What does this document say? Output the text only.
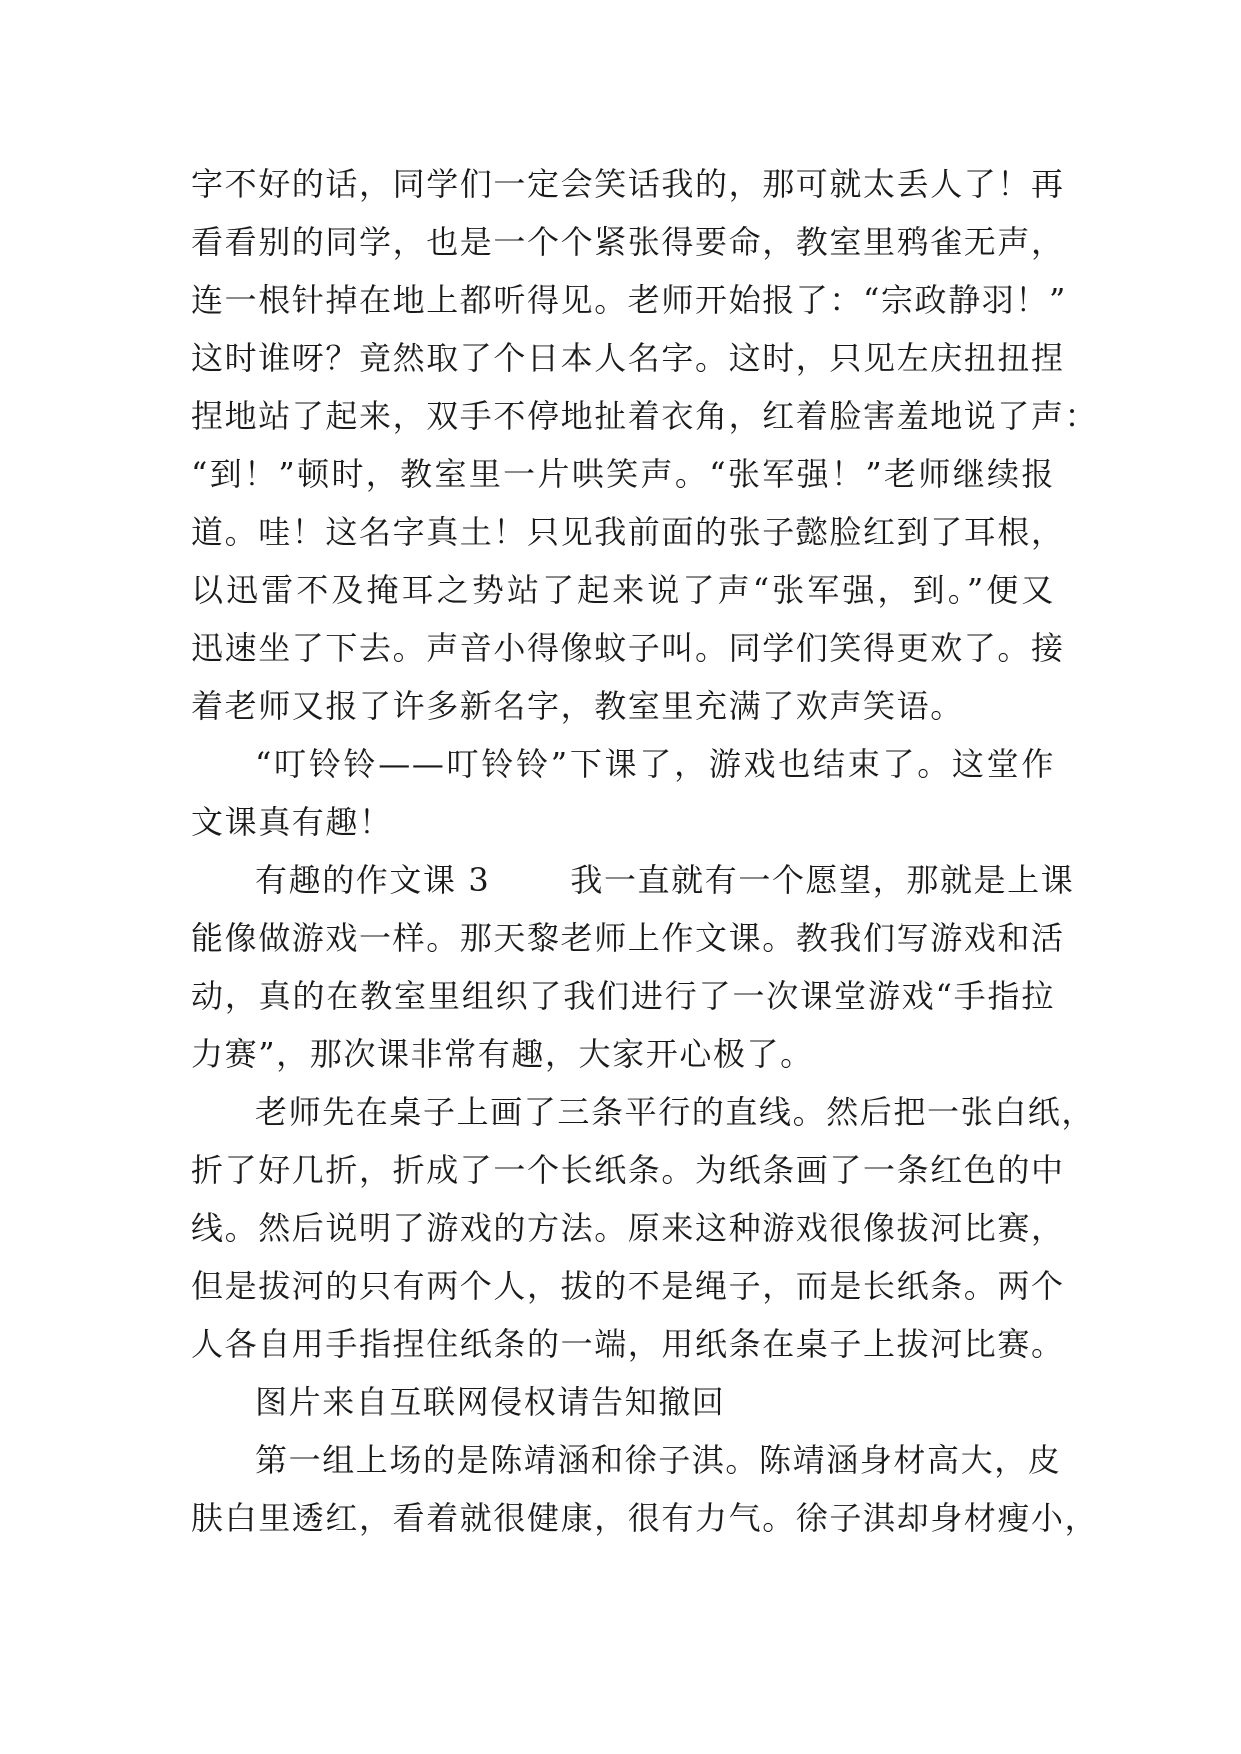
字不好的话，同学们一定会笑话我的，那可就太丢人了！再
看看别的同学，也是一个个紧张得要命，教室里鸦雀无声，
连一根针掉在地上都听得见。老师开始报了：“宗政静羽！”
这时谁呀？竟然取了个日本人名字。这时，只见左庆扭扭捏
捏地站了起来，双手不停地扯着衣角，红着脸害羞地说了声：
“到！”顿时，教室里一片哄笑声。“张军强！”老师继续报
道。哇！这名字真土！只见我前面的张子懿脸红到了耳根，
以迅雷不及掩耳之势站了起来说了声“张军强，到。”便又
迅速坐了下去。声音小得像蚊子叫。同学们笑得更欢了。接
着老师又报了许多新名字，教室里充满了欢声笑语。
“叮铃铃——叮铃铃”下课了，游戏也结束了。这堂作
文课真有趣！
有趣的作文课 3	我一直就有一个愿望，那就是上课
能像做游戏一样。那天黎老师上作文课。教我们写游戏和活
动，真的在教室里组织了我们进行了一次课堂游戏“手指拉
力赛”，那次课非常有趣，大家开心极了。
老师先在桌子上画了三条平行的直线。然后把一张白纸，
折了好几折，折成了一个长纸条。为纸条画了一条红色的中
线。然后说明了游戏的方法。原来这种游戏很像拔河比赛，
但是拔河的只有两个人，拔的不是绳子，而是长纸条。两个
人各自用手指捏住纸条的一端，用纸条在桌子上拔河比赛。
图片来自互联网侵权请告知撤回
第一组上场的是陈靖涵和徐子淇。陈靖涵身材高大，皮
肤白里透红，看着就很健康，很有力气。徐子淇却身材瘦小，
